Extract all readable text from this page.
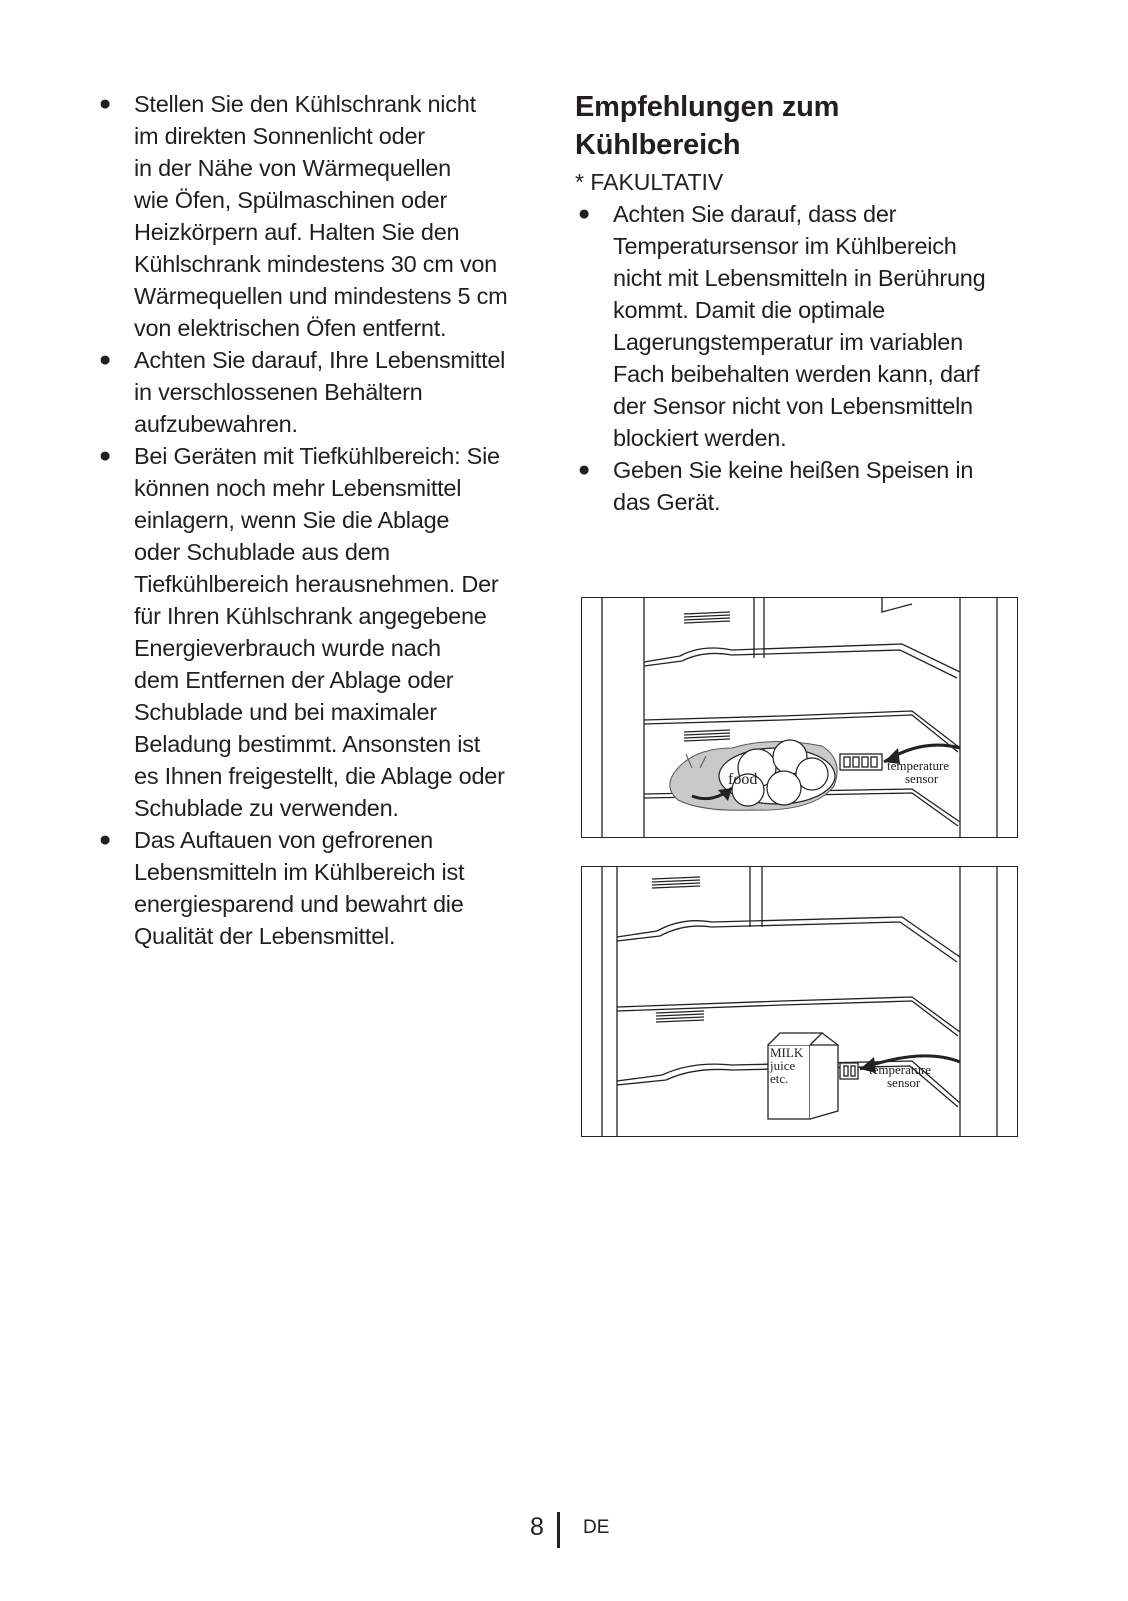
● Stellen Sie den Kühlschrank nicht
im direkten Sonnenlicht oder
in der Nähe von Wärmequellen
wie Öfen, Spülmaschinen oder
Heizkörpern auf. Halten Sie den
Kühlschrank mindestens 30 cm von
Wärmequellen und mindestens 5 cm
von elektrischen Öfen entfernt.
● Achten Sie darauf, Ihre Lebensmittel
in verschlossenen Behältern
aufzubewahren.
● Bei Geräten mit Tiefkühlbereich: Sie
können noch mehr Lebensmittel
einlagern, wenn Sie die Ablage
oder Schublade aus dem
Tiefkühlbereich herausnehmen. Der
für Ihren Kühlschrank angegebene
Energieverbrauch wurde nach
dem Entfernen der Ablage oder
Schublade und bei maximaler
Beladung bestimmt. Ansonsten ist
es Ihnen freigestellt, die Ablage oder
Schublade zu verwenden.
● Das Auftauen von gefrorenen
Lebensmitteln im Kühlbereich ist
energiesparend und bewahrt die
Qualität der Lebensmittel.
Empfehlungen zum
Kühlbereich
* FAKULTATIV
● Achten Sie darauf, dass der
Temperatursensor im Kühlbereich
nicht mit Lebensmitteln in Berührung
kommt. Damit die optimale
Lagerungstemperatur im variablen
Fach beibehalten werden kann, darf
der Sensor nicht von Lebensmitteln
blockiert werden.
● Geben Sie keine heißen Speisen in
das Gerät.
food
temperature
sensor
MILK
juice
etc.
temperature
sensor
8 DE
